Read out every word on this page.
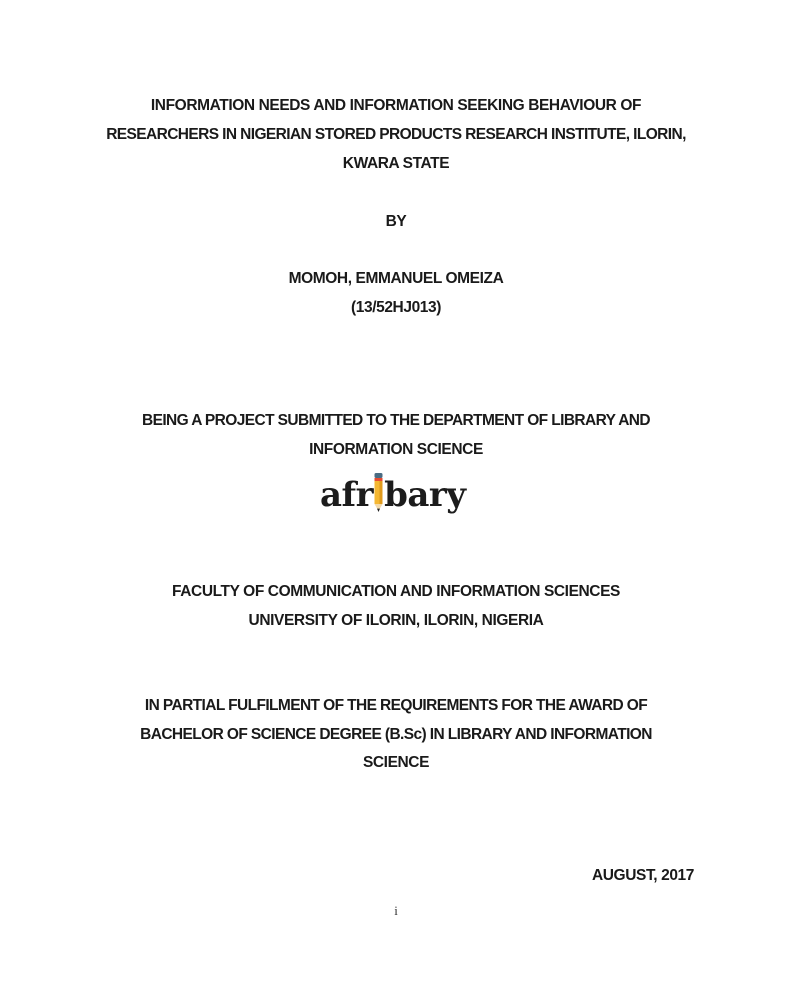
INFORMATION NEEDS AND INFORMATION SEEKING BEHAVIOUR OF
RESEARCHERS IN NIGERIAN STORED PRODUCTS RESEARCH INSTITUTE, ILORIN,
KWARA STATE
BY
MOMOH, EMMANUEL OMEIZA
(13/52HJ013)
BEING A PROJECT SUBMITTED TO THE DEPARTMENT OF LIBRARY AND
INFORMATION SCIENCE
afr bary
FACULTY OF COMMUNICATION AND INFORMATION SCIENCES
UNIVERSITY OF ILORIN, ILORIN, NIGERIA
IN PARTIAL FULFILMENT OF THE REQUIREMENTS FOR THE AWARD OF
BACHELOR OF SCIENCE DEGREE (B.Sc) IN LIBRARY AND INFORMATION
SCIENCE
AUGUST, 2017
i
